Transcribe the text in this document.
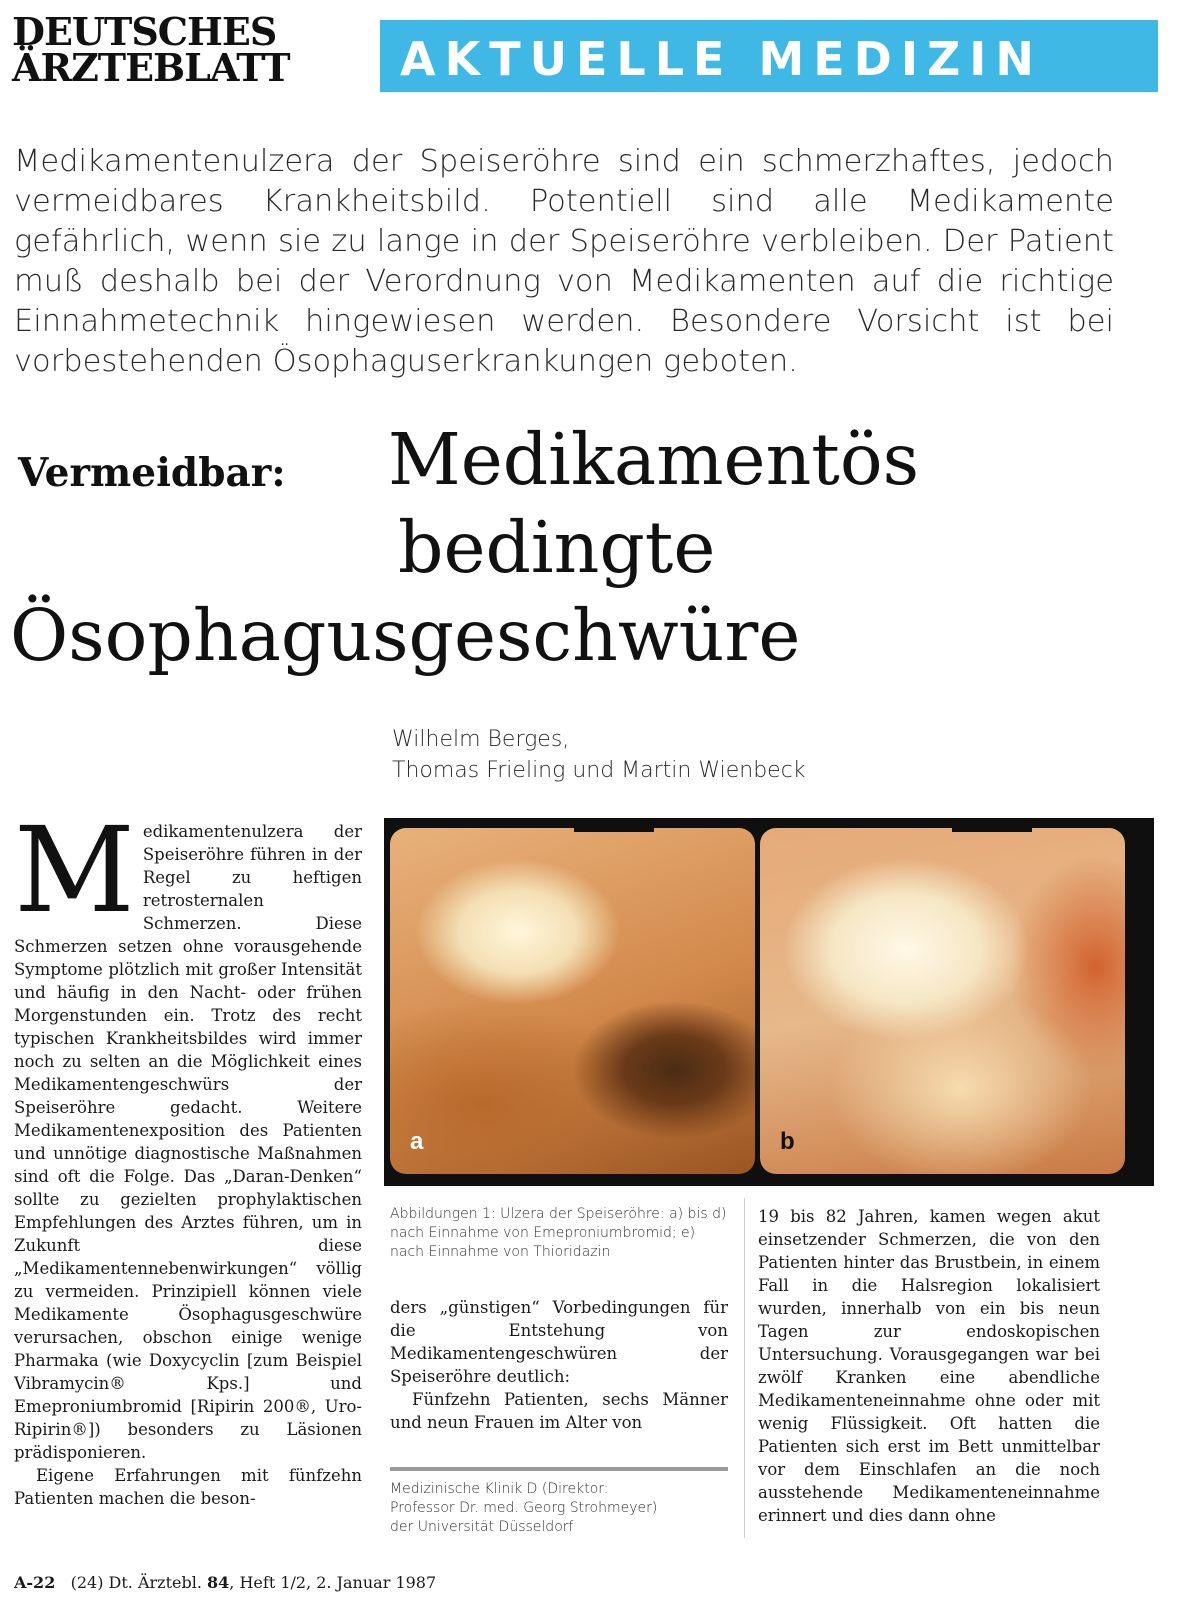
DEUTSCHES
ÄRZTEBLATT	AKTUELLE MEDIZIN
Medikamentenulzera der Speiseröhre sind ein schmerzhaftes, jedoch vermeidbares Krankheitsbild. Potentiell sind alle Medikamente gefährlich, wenn sie zu lange in der Speiseröhre verbleiben. Der Patient muß deshalb bei der Verordnung von Medikamenten auf die richtige Einnahmetechnik hingewiesen werden. Besondere Vorsicht ist bei vorbestehenden Ösophaguserkrankungen geboten.
Vermeidbar: Medikamentös
bedingte
Ösophagusgeschwüre
Wilhelm Berges,
Thomas Frieling und Martin Wienbeck
M edikamentenulzera der Speiseröhre führen in der Regel zu heftigen retrosternalen Schmerzen. Diese Schmerzen setzen ohne vorausgehende Symptome plötzlich mit großer Intensität und häufig in den Nacht- oder frühen Morgenstunden ein. Trotz des recht typischen Krankheitsbildes wird immer noch zu selten an die Möglichkeit eines Medikamentengeschwürs der Speiseröhre gedacht. Weitere Medikamentenexposition des Patienten und unnötige diagnostische Maßnahmen sind oft die Folge. Das „Daran-Denken“ sollte zu gezielten prophylaktischen Empfehlungen des Arztes führen, um in Zukunft diese „Medikamentennebenwirkungen“ völlig zu vermeiden. Prinzipiell können viele Medikamente Ösophagusgeschwüre verursachen, obschon einige wenige Pharmaka (wie Doxycyclin [zum Beispiel Vibramycin® Kps.] und Emeproniumbromid [Ripirin 200®, Uro-Ripirin®]) besonders zu Läsionen prädisponieren.

Eigene Erfahrungen mit fünfzehn Patienten machen die beson-

a	b
Abbildungen 1: Ulzera der Speiseröhre: a) bis d) nach Einnahme von Emeproniumbromid; e) nach Einnahme von Thioridazin

ders „günstigen“ Vorbedingungen für die Entstehung von Medikamentengeschwüren der Speiseröhre deutlich:

Fünfzehn Patienten, sechs Männer und neun Frauen im Alter von

Medizinische Klinik D (Direktor:
Professor Dr. med. Georg Strohmeyer)
der Universität Düsseldorf

19 bis 82 Jahren, kamen wegen akut einsetzender Schmerzen, die von den Patienten hinter das Brustbein, in einem Fall in die Halsregion lokalisiert wurden, innerhalb von ein bis neun Tagen zur endoskopischen Untersuchung. Vorausgegangen war bei zwölf Kranken eine abendliche Medikamenteneinnahme ohne oder mit wenig Flüssigkeit. Oft hatten die Patienten sich erst im Bett unmittelbar vor dem Einschlafen an die noch ausstehende Medikamenteneinnahme erinnert und dies dann ohne

A-22 (24) Dt. Ärztebl. 84, Heft 1/2, 2. Januar 1987
